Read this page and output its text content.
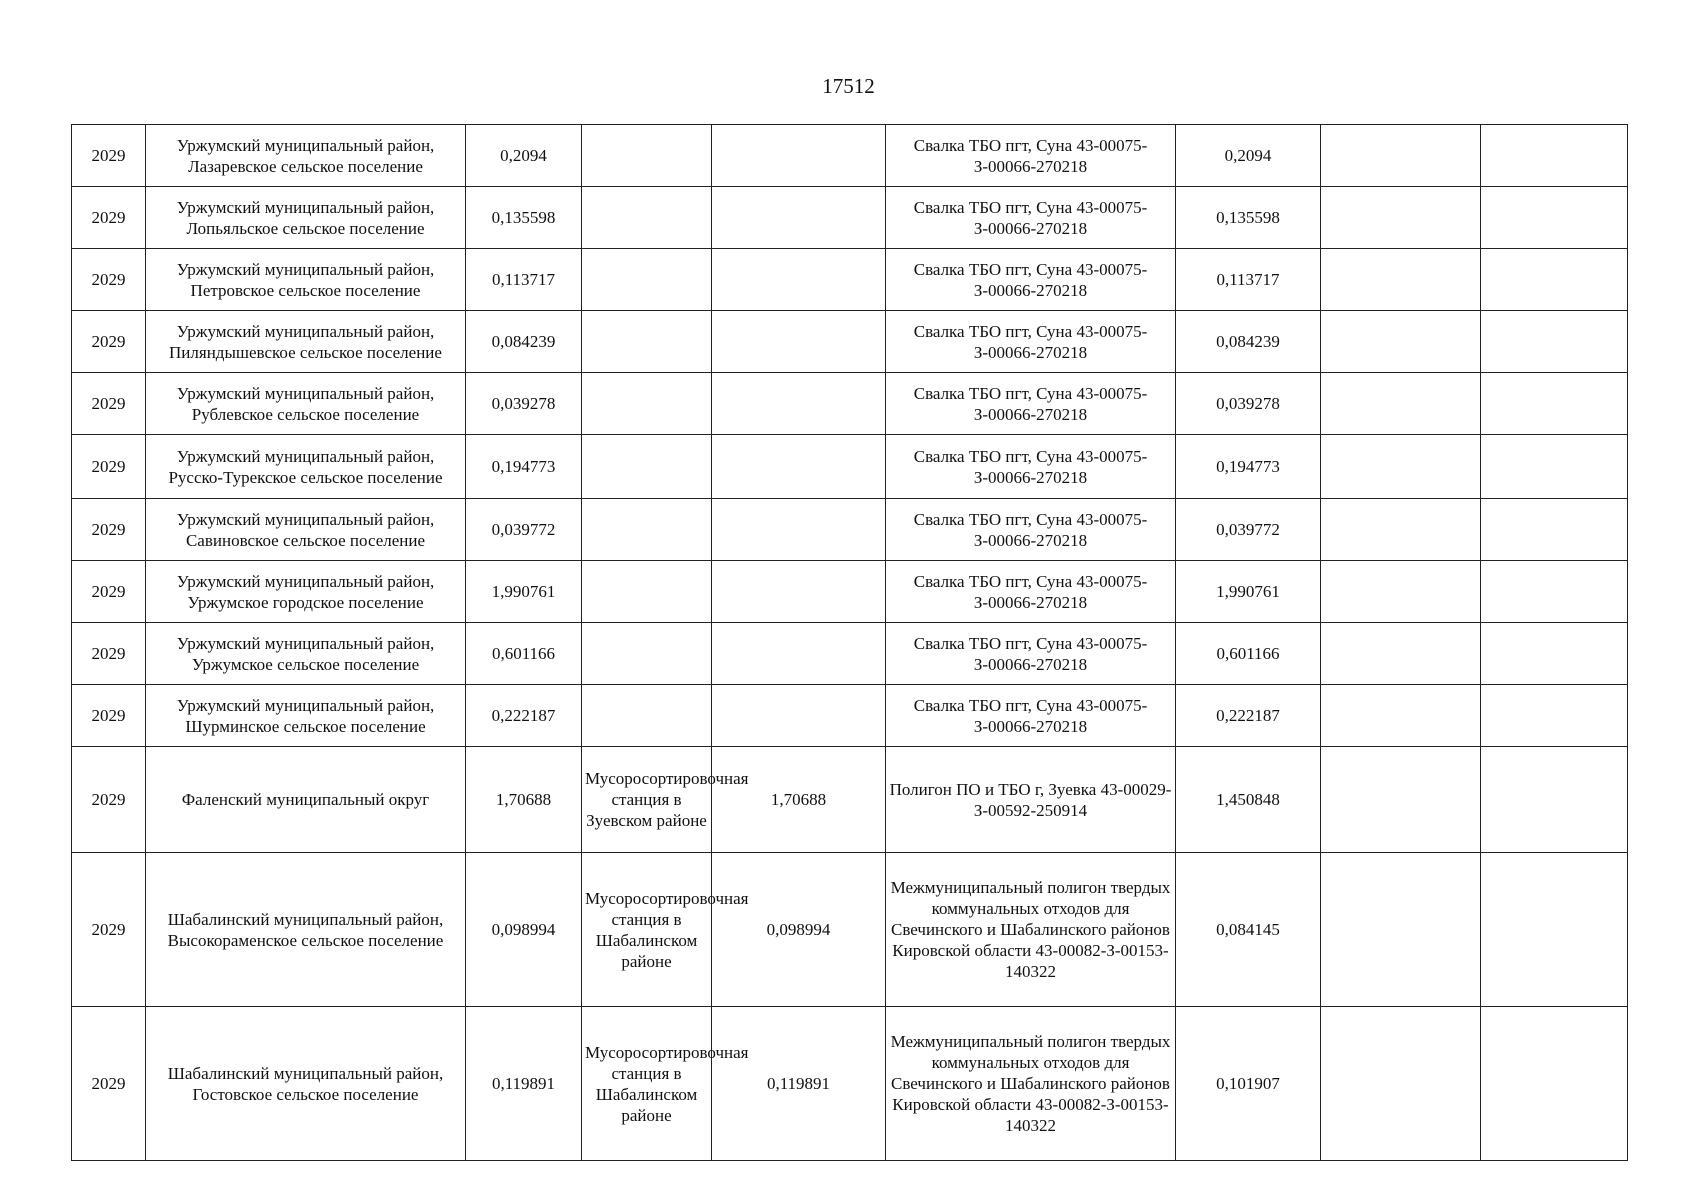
17512
2029	Уржумский муниципальный район, Лазаревское сельское поселение	0,2094			Свалка ТБО пгт, Суна 43-00075-З-00066-270218	0,2094		
2029	Уржумский муниципальный район, Лопьяльское сельское поселение	0,135598			Свалка ТБО пгт, Суна 43-00075-З-00066-270218	0,135598		
2029	Уржумский муниципальный район, Петровское сельское поселение	0,113717			Свалка ТБО пгт, Суна 43-00075-З-00066-270218	0,113717		
2029	Уржумский муниципальный район, Пиляндышевское сельское поселение	0,084239			Свалка ТБО пгт, Суна 43-00075-З-00066-270218	0,084239		
2029	Уржумский муниципальный район, Рублевское сельское поселение	0,039278			Свалка ТБО пгт, Суна 43-00075-З-00066-270218	0,039278		
2029	Уржумский муниципальный район, Русско-Турекское сельское поселение	0,194773			Свалка ТБО пгт, Суна 43-00075-З-00066-270218	0,194773		
2029	Уржумский муниципальный район, Савиновское сельское поселение	0,039772			Свалка ТБО пгт, Суна 43-00075-З-00066-270218	0,039772		
2029	Уржумский муниципальный район, Уржумское городское поселение	1,990761			Свалка ТБО пгт, Суна 43-00075-З-00066-270218	1,990761		
2029	Уржумский муниципальный район, Уржумское сельское поселение	0,601166			Свалка ТБО пгт, Суна 43-00075-З-00066-270218	0,601166		
2029	Уржумский муниципальный район, Шурминское сельское поселение	0,222187			Свалка ТБО пгт, Суна 43-00075-З-00066-270218	0,222187		
2029	Фаленский муниципальный округ	1,70688	Мусоросортировочная станция в Зуевском районе	1,70688	Полигон ПО и ТБО г, Зуевка 43-00029-З-00592-250914	1,450848		
2029	Шабалинский муниципальный район, Высокораменское сельское поселение	0,098994	Мусоросортировочная станция в Шабалинском районе	0,098994	Межмуниципальный полигон твердых коммунальных отходов для Свечинского и Шабалинского районов Кировской области 43-00082-З-00153-140322	0,084145		
2029	Шабалинский муниципальный район, Гостовское сельское поселение	0,119891	Мусоросортировочная станция в Шабалинском районе	0,119891	Межмуниципальный полигон твердых коммунальных отходов для Свечинского и Шабалинского районов Кировской области 43-00082-З-00153-140322	0,101907		
